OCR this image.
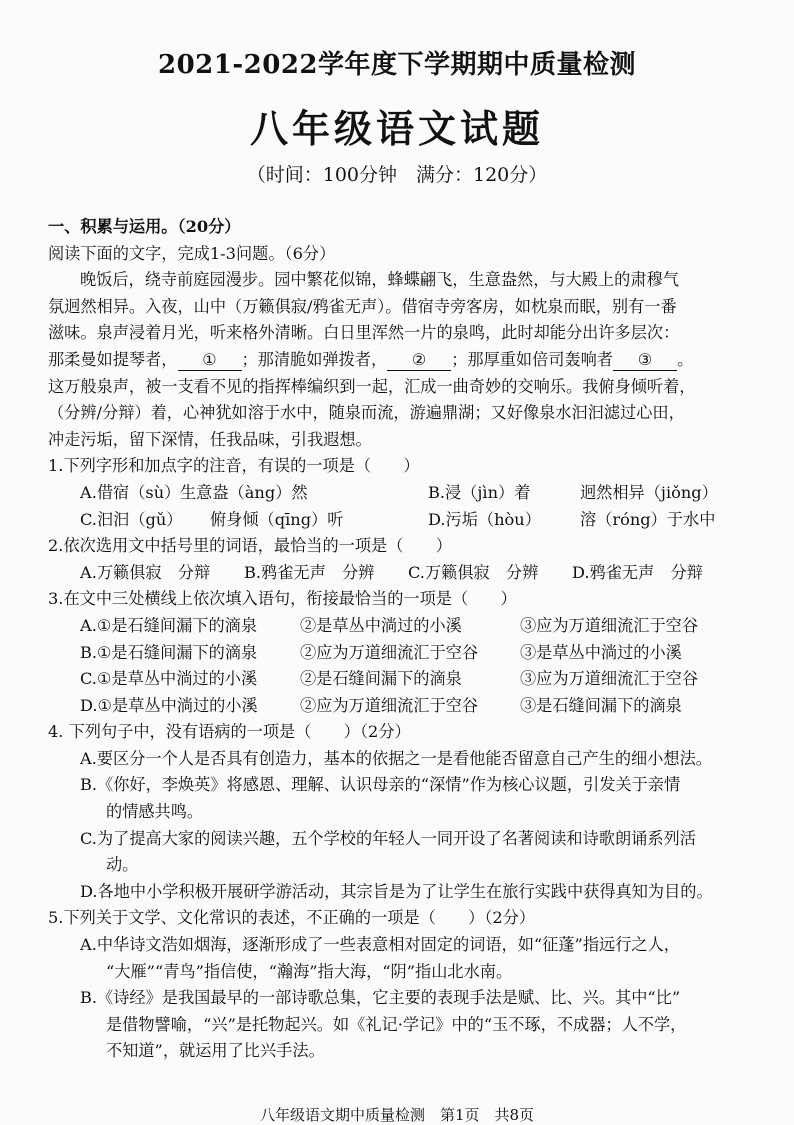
2021-2022学年度下学期期中质量检测
八年级语文试题
（时间：100分钟　满分：120分）
一、积累与运用。（20分）
阅读下面的文字，完成1-3问题。（6分）
晚饭后，绕寺前庭园漫步。园中繁花似锦，蜂蝶翩飞，生意盎然，与大殿上的肃穆气
氛迥然相异。入夜，山中（万籁俱寂/鸦雀无声）。借宿寺旁客房，如枕泉而眠，别有一番
滋味。泉声浸着月光，听来格外清晰。白日里浑然一片的泉鸣，此时却能分出许多层次：
那柔曼如提琴者， ① ；那清脆如弹拨者， ② ；那厚重如倍司轰响者 ③ 。
这万般泉声，被一支看不见的指挥棒编织到一起，汇成一曲奇妙的交响乐。我俯身倾听着，
（分辨/分辩）着，心神犹如溶于水中，随泉而流，游遍鼎湖；又好像泉水汩汩滤过心田，
冲走污垢，留下深情，任我品味，引我遐想。
1.下列字形和加点字的注音，有误的一项是（　　）
A.借宿（sù）生意盎（àng）然	B.浸（jìn）着	迥然相异（jiǒng）
C.汩汩（gǔ） 俯身倾（qīng）听	D.污垢（hòu） 溶（róng）于水中
2.依次选用文中括号里的词语，最恰当的一项是（　　）
A.万籁俱寂　分辩 B.鸦雀无声　分辨 C.万籁俱寂　分辨 D.鸦雀无声　分辩
3.在文中三处横线上依次填入语句，衔接最恰当的一项是（　　）
A.①是石缝间漏下的滴泉	②是草丛中淌过的小溪	③应为万道细流汇于空谷
B.①是石缝间漏下的滴泉	②应为万道细流汇于空谷	③是草丛中淌过的小溪
C.①是草丛中淌过的小溪	②是石缝间漏下的滴泉	③应为万道细流汇于空谷
D.①是草丛中淌过的小溪	②应为万道细流汇于空谷	③是石缝间漏下的滴泉
4. 下列句子中，没有语病的一项是（　　）（2分）
A.要区分一个人是否具有创造力，基本的依据之一是看他能否留意自己产生的细小想法。
B.《你好，李焕英》将感恩、理解、认识母亲的“深情”作为核心议题，引发关于亲情
的情感共鸣。
C.为了提高大家的阅读兴趣，五个学校的年轻人一同开设了名著阅读和诗歌朗诵系列活
动。
D.各地中小学积极开展研学游活动，其宗旨是为了让学生在旅行实践中获得真知为目的。
5.下列关于文学、文化常识的表述，不正确的一项是（　　）（2分）
A.中华诗文浩如烟海，逐渐形成了一些表意相对固定的词语，如“征蓬”指远行之人，
“大雁”“青鸟”指信使，“瀚海”指大海，“阴”指山北水南。
B.《诗经》是我国最早的一部诗歌总集，它主要的表现手法是赋、比、兴。其中“比”
是借物譬喻，“兴”是托物起兴。如《礼记·学记》中的“玉不琢，不成器；人不学，
不知道”，就运用了比兴手法。
八年级语文期中质量检测　第1页　共8页
